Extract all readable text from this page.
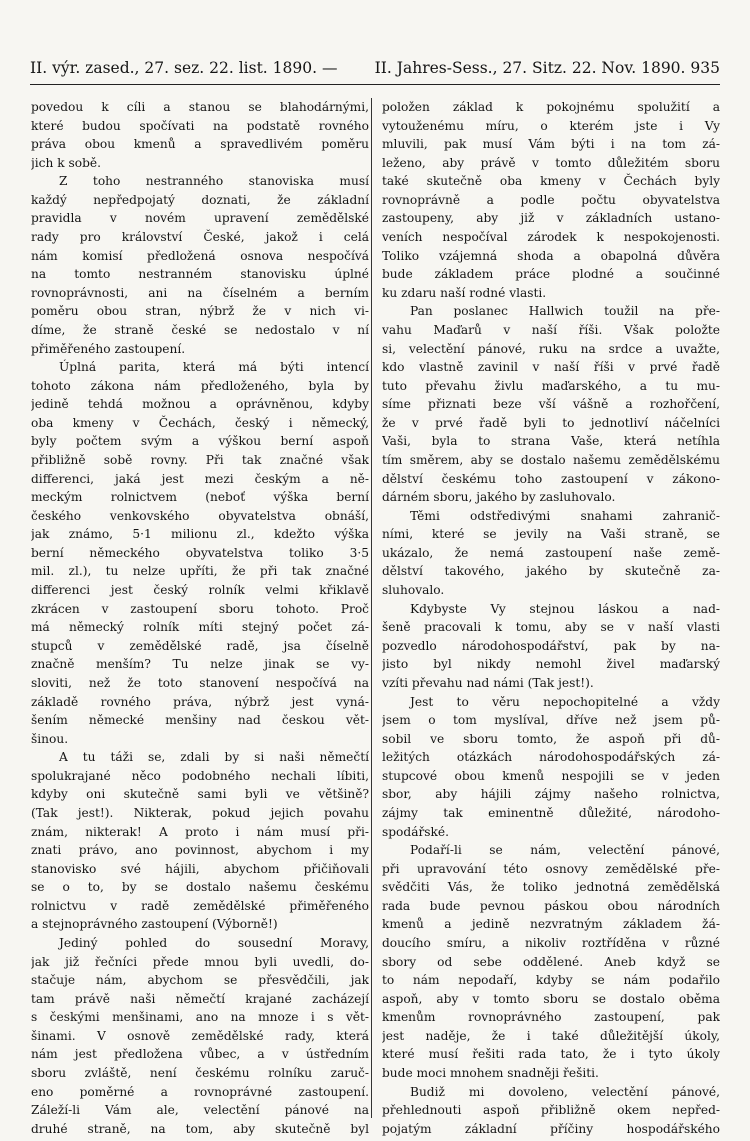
II. výr. zased., 27. sez. 22. list. 1890. — II. Jahres-Sess., 27. Sitz. 22. Nov. 1890. 935
povedou k cíli a stanou se blahodárnými,
které budou spočívati na podstatě rovného
práva obou kmenů a spravedlivém poměru
jich k sobě.
Z toho nestranného stanoviska musí
každý nepředpojatý doznati, že základní
pravidla v novém upravení zemědělské
rady pro království České, jakož i celá
nám komisí předložená osnova nespočívá
na tomto nestranném stanovisku úplné
rovnoprávnosti, ani na číselném a berním
poměru obou stran, nýbrž že v nich vi-
díme, že straně české se nedostalo v ní
přiměřeného zastoupení.
Úplná parita, která má býti intencí
tohoto zákona nám předloženého, byla by
jedině tehdá možnou a oprávněnou, kdyby
oba kmeny v Čechách, český i německý,
byly počtem svým a výškou berní aspoň
přibližně sobě rovny. Při tak značné však
differenci, jaká jest mezi českým a ně-
meckým rolnictvem (neboť výška berní
českého venkovského obyvatelstva obnáší,
jak známo, 5·1 milionu zl., kdežto výška
berní německého obyvatelstva toliko 3·5
mil. zl.), tu nelze upříti, že při tak značné
differenci jest český rolník velmi křiklavě
zkrácen v zastoupení sboru tohoto. Proč
má německý rolník míti stejný počet zá-
stupců v zemědělské radě, jsa číselně
značně menším? Tu nelze jinak se vy-
sloviti, než že toto stanovení nespočívá na
základě rovného práva, nýbrž jest vyná-
šením německé menšiny nad českou vět-
šinou.
A tu táži se, zdali by si naši němečtí
spolukrajané něco podobného nechali líbiti,
kdyby oni skutečně sami byli ve většině?
(Tak jest!). Nikterak, pokud jejich povahu
znám, nikterak! A proto i nám musí při-
znati právo, ano povinnost, abychom i my
stanovisko své hájili, abychom přičiňovali
se o to, by se dostalo našemu českému
rolnictvu v radě zemědělské přiměřeného
a stejnoprávného zastoupení (Výborně!)
Jediný pohled do sousední Moravy,
jak již řečníci přede mnou byli uvedli, do-
stačuje nám, abychom se přesvědčili, jak
tam právě naši němečtí krajané zacházejí
s českými menšinami, ano na mnoze i s vět-
šinami. V osnově zemědělské rady, která
nám jest předložena vůbec, a v ústředním
sboru zvláště, není českému rolníku zaruč-
eno poměrné a rovnoprávné zastoupení.
Záleží-li Vám ale, velectění pánové na
druhé straně, na tom, aby skutečně byl
položen základ k pokojnému spolužití a
vytouženému míru, o kterém jste i Vy
mluvili, pak musí Vám býti i na tom zá-
leženo, aby právě v tomto důležitém sboru
také skutečně oba kmeny v Čechách byly
rovnoprávně a podle počtu obyvatelstva
zastoupeny, aby již v základních ustano-
veních nespočíval zárodek k nespokojenosti.
Toliko vzájemná shoda a obapolná důvěra
bude základem práce plodné a součinné
ku zdaru naší rodné vlasti.
Pan poslanec Hallwich toužil na pře-
vahu Maďarů v naší říši. Však položte
si, velectění pánové, ruku na srdce a uvažte,
kdo vlastně zavinil v naší říši v prvé řadě
tuto převahu živlu maďarského, a tu mu-
síme přiznati beze vší vášně a rozhořčení,
že v prvé řadě byli to jednotliví náčelníci
Vaši, byla to strana Vaše, která netíhla
tím směrem, aby se dostalo našemu zemědělskému
dělství českému toho zastoupení v zákono-
dárném sboru, jakého by zasluhovalo.
Těmi odstředivými snahami zahranič-
ními, které se jevily na Vaši straně, se
ukázalo, že nemá zastoupení naše země-
dělství takového, jakého by skutečně za-
sluhovalo.
Kdybyste Vy stejnou láskou a nad-
šeně pracovali k tomu, aby se v naší vlasti
pozvedlo národohospodářství, pak by na-
jisto byl nikdy nemohl živel maďarský
vzíti převahu nad námi (Tak jest!).
Jest to věru nepochopitelné a vždy
jsem o tom myslíval, dříve než jsem pů-
sobil ve sboru tomto, že aspoň při dů-
ležitých otázkách národohospodářských zá-
stupcové obou kmenů nespojili se v jeden
sbor, aby hájili zájmy našeho rolnictva,
zájmy tak eminentně důležité, národoho-
spodářské.
Podaří-li se nám, velectění pánové,
při upravování této osnovy zemědělské pře-
svědčiti Vás, že toliko jednotná zemědělská
rada bude pevnou páskou obou národních
kmenů a jedině nezvratným základem žá-
doucího smíru, a nikoliv roztříděna v různé
sbory od sebe oddělené. Aneb když se
to nám nepodaří, kdyby se nám podařilo
aspoň, aby v tomto sboru se dostalo oběma
kmenům rovnoprávného zastoupení, pak
jest naděje, že i také důležitější úkoly,
které musí řešiti rada tato, že i tyto úkoly
bude moci mnohem snadněji řešiti.
Budiž mi dovoleno, velectění pánové,
přehlednouti aspoň přibližně okem nepřed-
pojatým základní příčiny hospodářského
